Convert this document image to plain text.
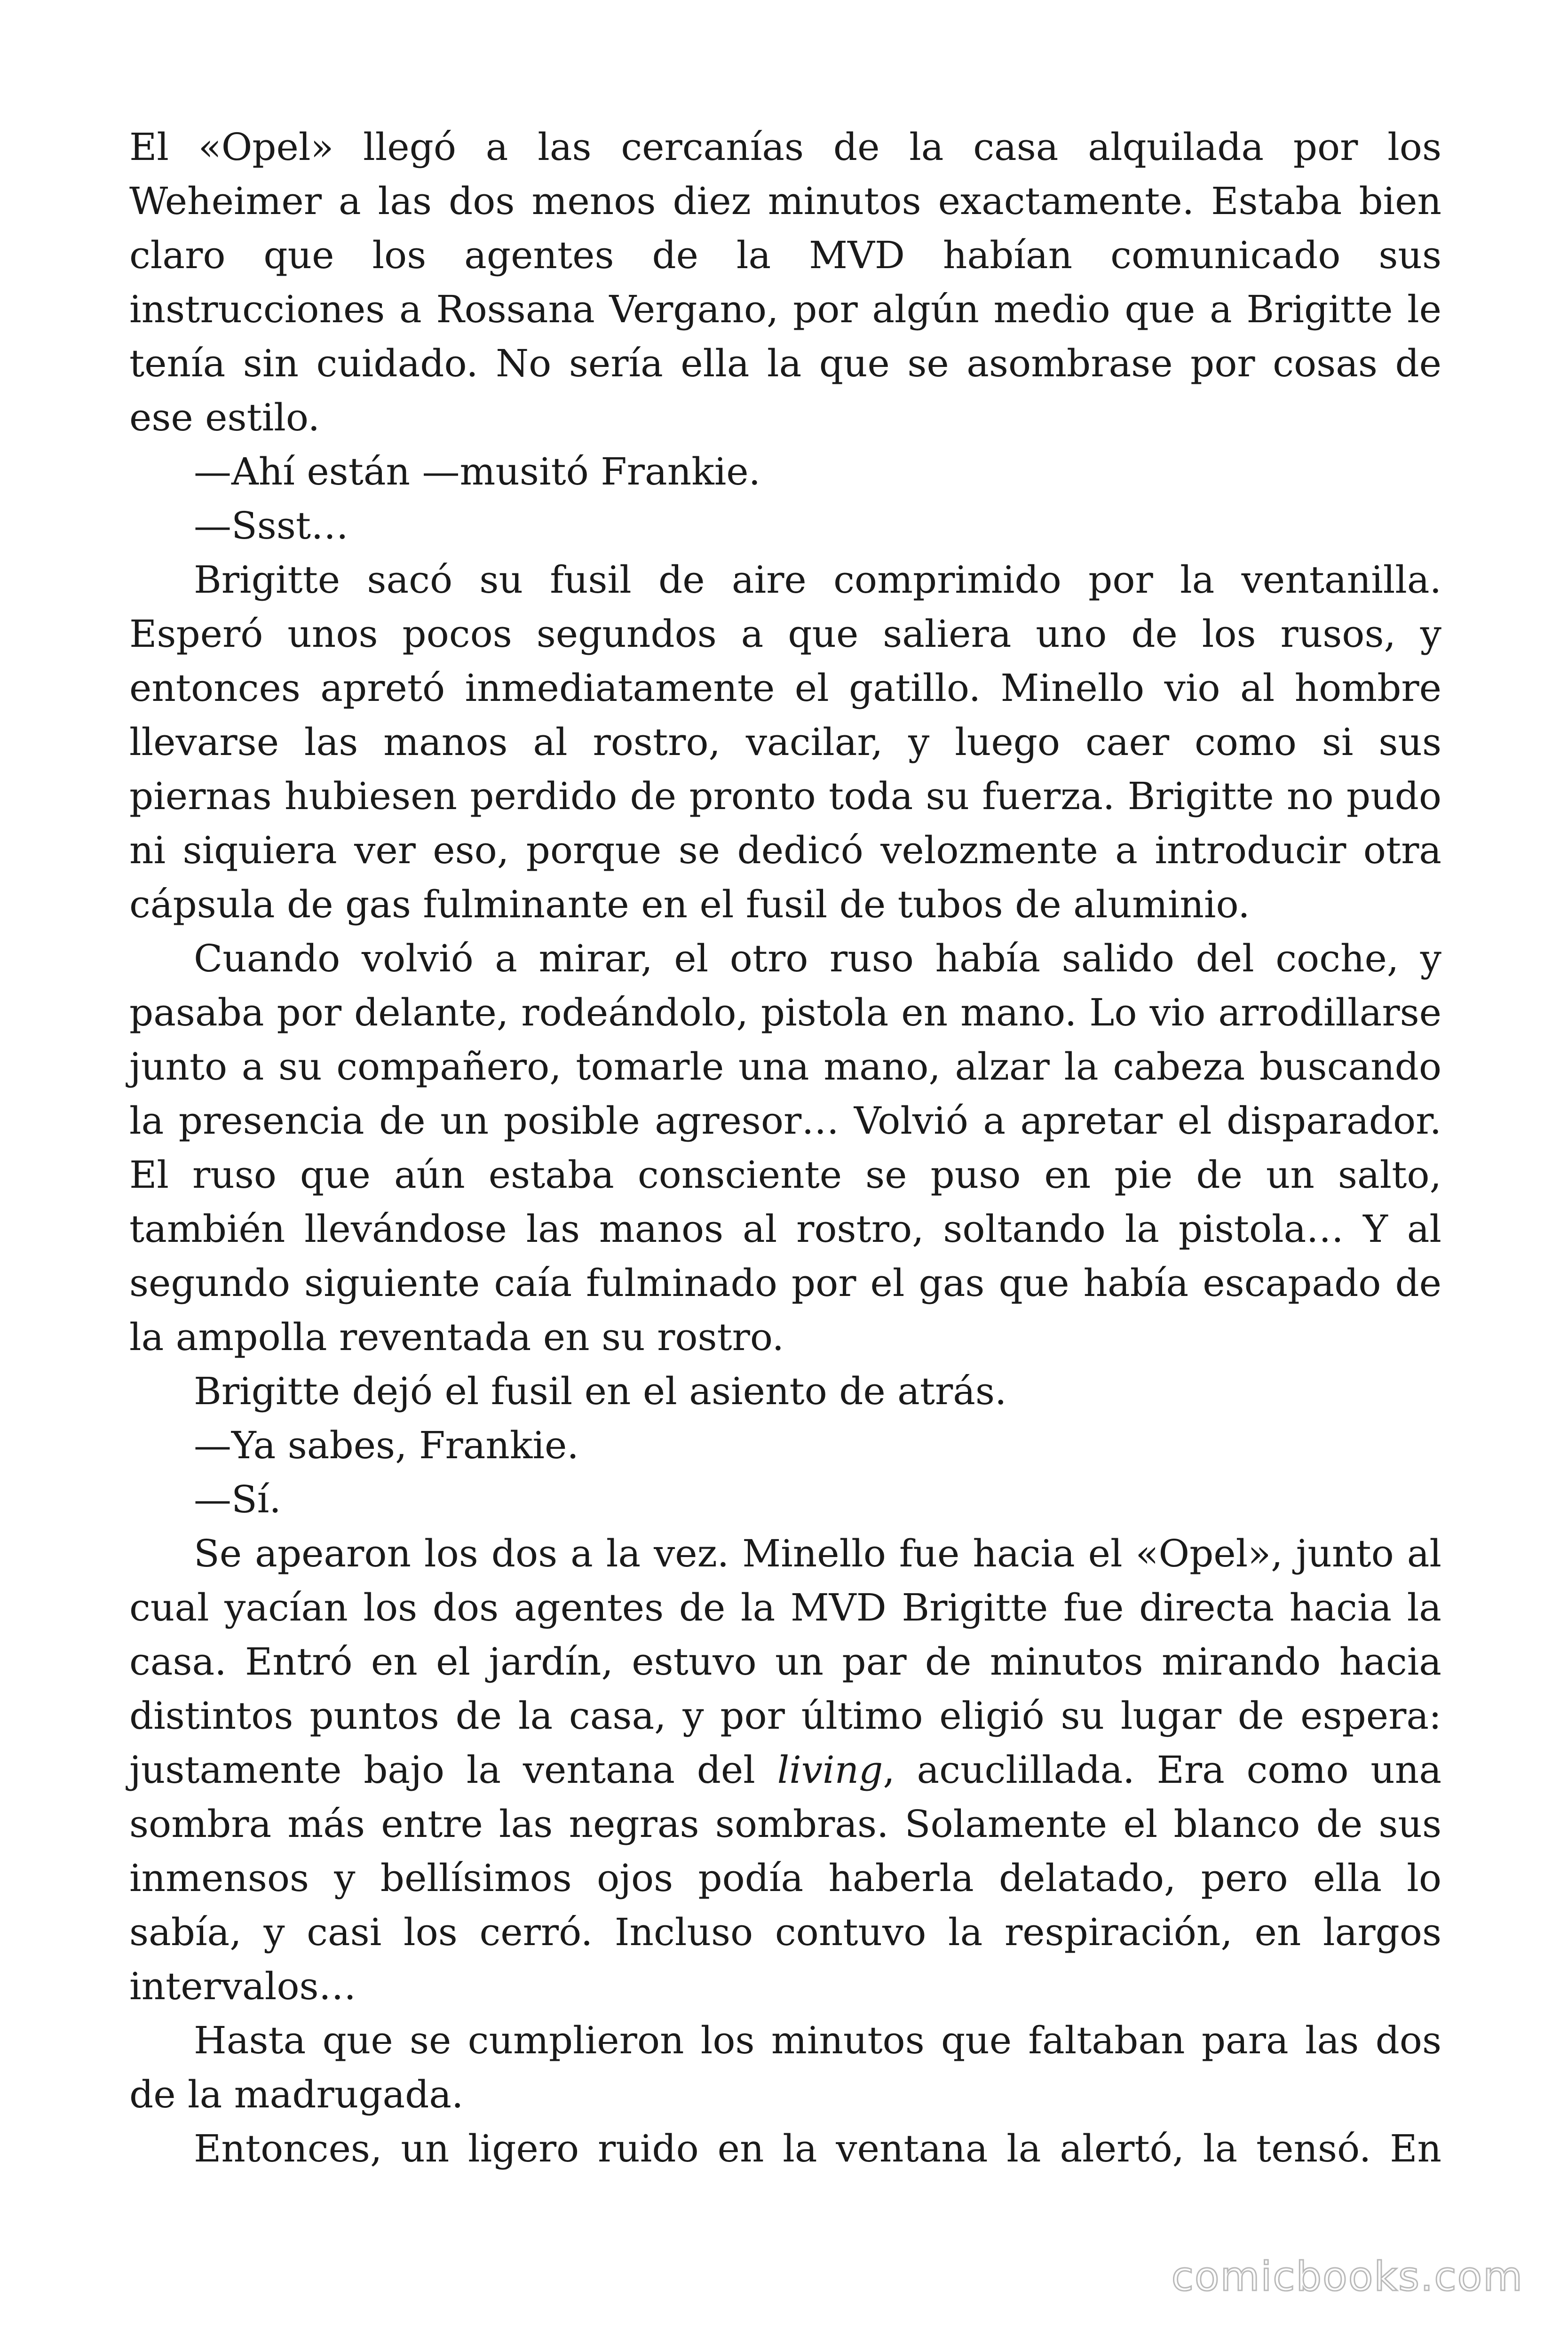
El «Opel» llegó a las cercanías de la casa alquilada por los Weheimer a las dos menos diez minutos exactamente. Estaba bien claro que los agentes de la MVD habían comunicado sus instrucciones a Rossana Vergano, por algún medio que a Brigitte le tenía sin cuidado. No sería ella la que se asombrase por cosas de ese estilo.

—Ahí están —musitó Frankie.

—Ssst…

Brigitte sacó su fusil de aire comprimido por la ventanilla. Esperó unos pocos segundos a que saliera uno de los rusos, y entonces apretó inmediatamente el gatillo. Minello vio al hombre llevarse las manos al rostro, vacilar, y luego caer como si sus piernas hubiesen perdido de pronto toda su fuerza. Brigitte no pudo ni siquiera ver eso, porque se dedicó velozmente a introducir otra cápsula de gas fulminante en el fusil de tubos de aluminio.

Cuando volvió a mirar, el otro ruso había salido del coche, y pasaba por delante, rodeándolo, pistola en mano. Lo vio arrodillarse junto a su compañero, tomarle una mano, alzar la cabeza buscando la presencia de un posible agresor… Volvió a apretar el disparador. El ruso que aún estaba consciente se puso en pie de un salto, también llevándose las manos al rostro, soltando la pistola… Y al segundo siguiente caía fulminado por el gas que había escapado de la ampolla reventada en su rostro.

Brigitte dejó el fusil en el asiento de atrás.

—Ya sabes, Frankie.

—Sí.

Se apearon los dos a la vez. Minello fue hacia el «Opel», junto al cual yacían los dos agentes de la MVD Brigitte fue directa hacia la casa. Entró en el jardín, estuvo un par de minutos mirando hacia distintos puntos de la casa, y por último eligió su lugar de espera: justamente bajo la ventana del living, acuclillada. Era como una sombra más entre las negras sombras. Solamente el blanco de sus inmensos y bellísimos ojos podía haberla delatado, pero ella lo sabía, y casi los cerró. Incluso contuvo la respiración, en largos intervalos…

Hasta que se cumplieron los minutos que faltaban para las dos de la madrugada.

Entonces, un ligero ruido en la ventana la alertó, la tensó. En

comicbooks.com
